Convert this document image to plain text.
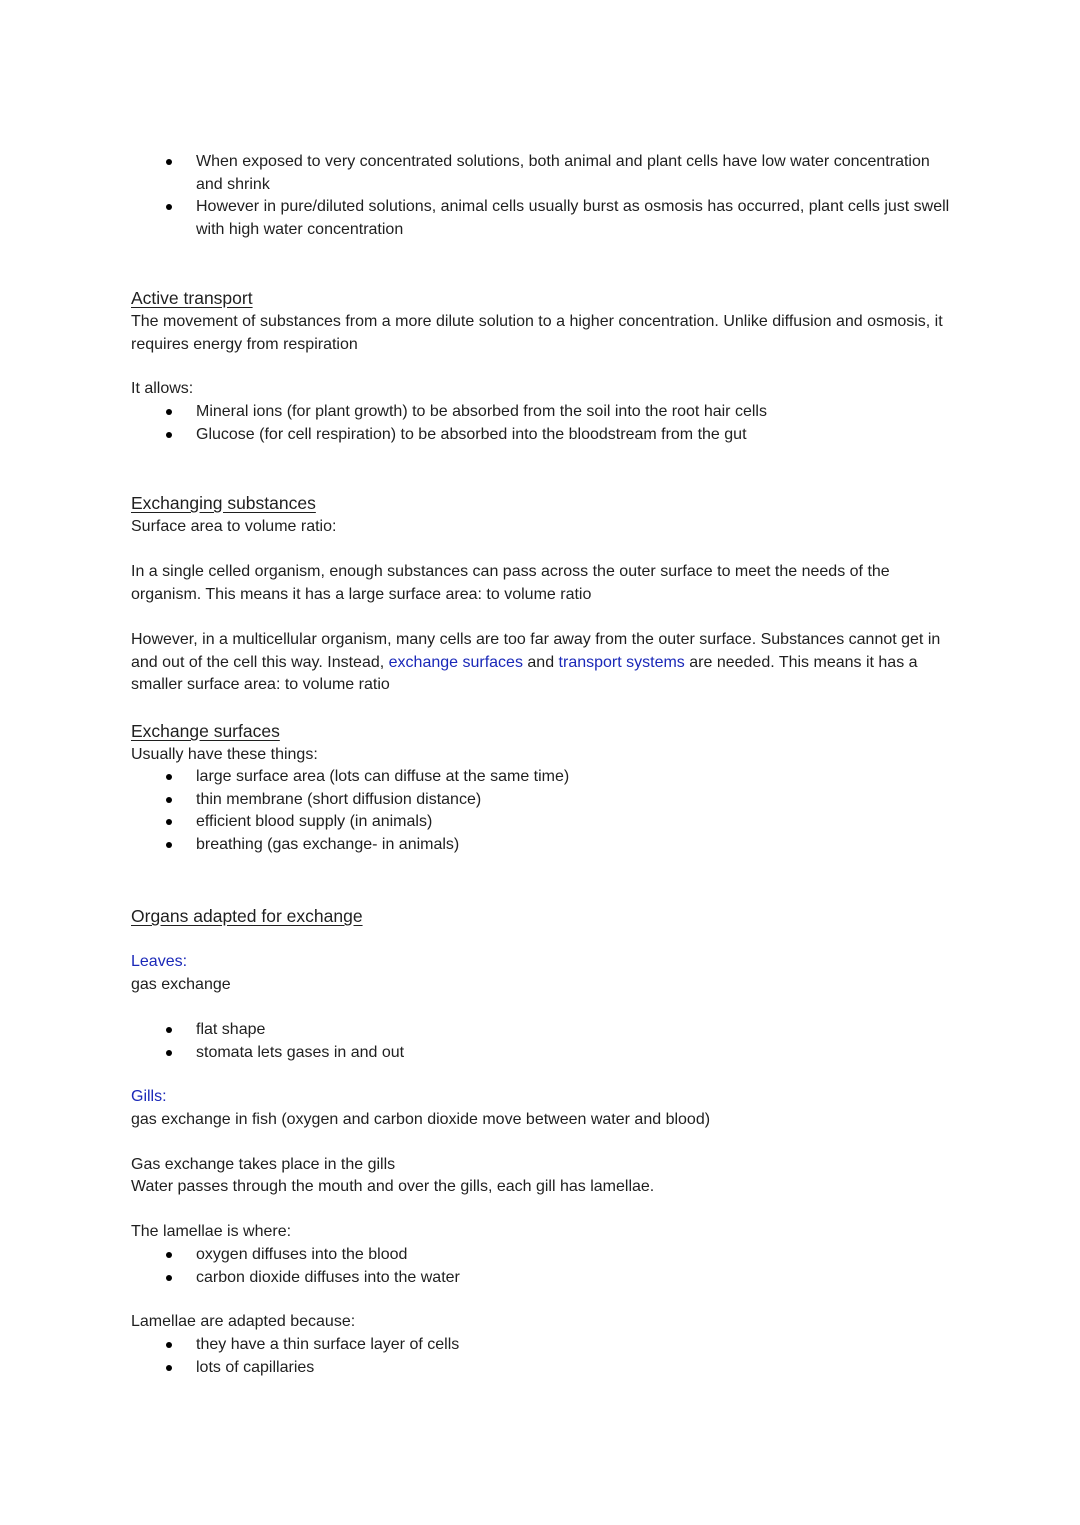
When exposed to very concentrated solutions, both animal and plant cells have low water concentration and shrink
However in pure/diluted solutions, animal cells usually burst as osmosis has occurred, plant cells just swell with high water concentration
Active transport

The movement of substances from a more dilute solution to a higher concentration. Unlike diffusion and osmosis, it requires energy from respiration

It allows:

Mineral ions (for plant growth) to be absorbed from the soil into the root hair cells
Glucose (for cell respiration) to be absorbed into the bloodstream from the gut
Exchanging substances

Surface area to volume ratio:

In a single celled organism, enough substances can pass across the outer surface to meet the needs of the organism. This means it has a large surface area: to volume ratio

However, in a multicellular organism, many cells are too far away from the outer surface. Substances cannot get in and out of the cell this way. Instead, exchange surfaces and transport systems are needed. This means it has a smaller surface area: to volume ratio

Exchange surfaces

Usually have these things:

large surface area (lots can diffuse at the same time)
thin membrane (short diffusion distance)
efficient blood supply (in animals)
breathing (gas exchange- in animals)
Organs adapted for exchange

Leaves:

gas exchange

flat shape
stomata lets gases in and out

Gills:

gas exchange in fish (oxygen and carbon dioxide move between water and blood)

Gas exchange takes place in the gills

Water passes through the mouth and over the gills, each gill has lamellae.

The lamellae is where:

oxygen diffuses into the blood
carbon dioxide diffuses into the water

Lamellae are adapted because:

they have a thin surface layer of cells
lots of capillaries
